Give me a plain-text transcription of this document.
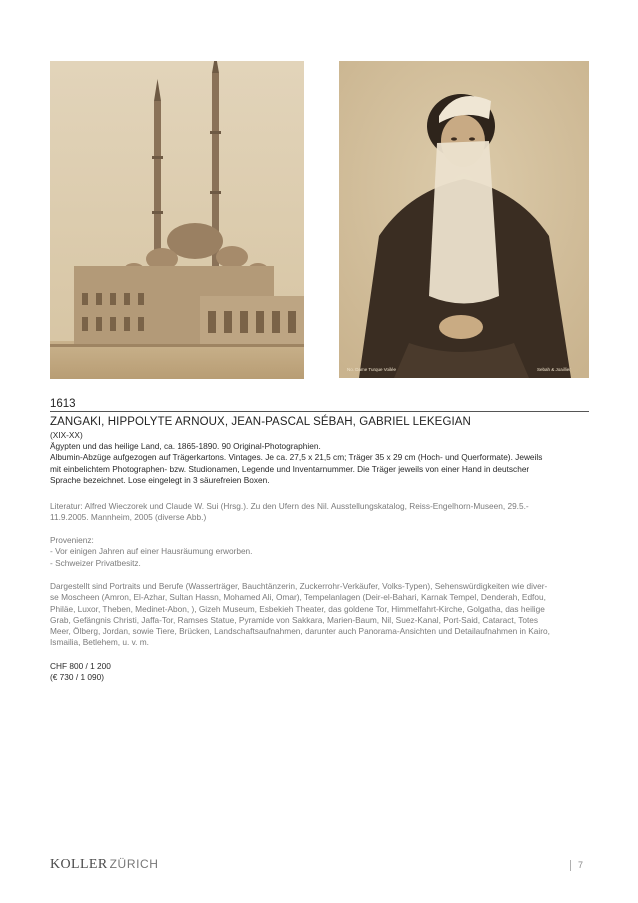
No. Dame Turque Voilée	Sebah & Joaillier
1613
ZANGAKI, HIPPOLYTE ARNOUX, JEAN-PASCAL SÉBAH, GABRIEL LEKEGIAN
(XIX-XX)
Ägypten und das heilige Land, ca. 1865-1890. 90 Original-Photographien.
Albumin-Abzüge aufgezogen auf Trägerkartons. Vintages. Je ca. 27,5 x 21,5 cm; Träger 35 x 29 cm (Hoch- und Querformate). Jeweils
mit einbelichtem Photographen- bzw. Studionamen, Legende und Inventarnummer. Die Träger jeweils von einer Hand in deutscher
Sprache bezeichnet. Lose eingelegt in 3 säurefreien Boxen.
Literatur: Alfred Wieczorek und Claude W. Sui (Hrsg.). Zu den Ufern des Nil. Ausstellungskatalog, Reiss-Engelhorn-Museen, 29.5.-
11.9.2005. Mannheim, 2005 (diverse Abb.)
Provenienz:
- Vor einigen Jahren auf einer Hausräumung erworben.
- Schweizer Privatbesitz.
Dargestellt sind Portraits und Berufe (Wasserträger, Bauchtänzerin, Zuckerrohr-Verkäufer, Volks-Typen), Sehenswürdigkeiten wie diver-
se Moscheen (Amron, El-Azhar, Sultan Hassn, Mohamed Ali, Omar), Tempelanlagen (Deir-el-Bahari, Karnak Tempel, Denderah, Edfou,
Philäe, Luxor, Theben, Medinet-Abon, ), Gizeh Museum, Esbekieh Theater, das goldene Tor, Himmelfahrt-Kirche, Golgatha, das heilige
Grab, Gefängnis Christi, Jaffa-Tor, Ramses Statue, Pyramide von Sakkara, Marien-Baum, Nil, Suez-Kanal, Port-Said, Cataract, Totes
Meer, Ölberg, Jordan, sowie Tiere, Brücken, Landschaftsaufnahmen, darunter auch Panorama-Ansichten und Detailaufnahmen in Kairo,
Ismailia, Betlehem, u. v. m.
CHF 800 / 1 200
(€ 730 / 1 090)
KOLLER ZÜRICH	7
